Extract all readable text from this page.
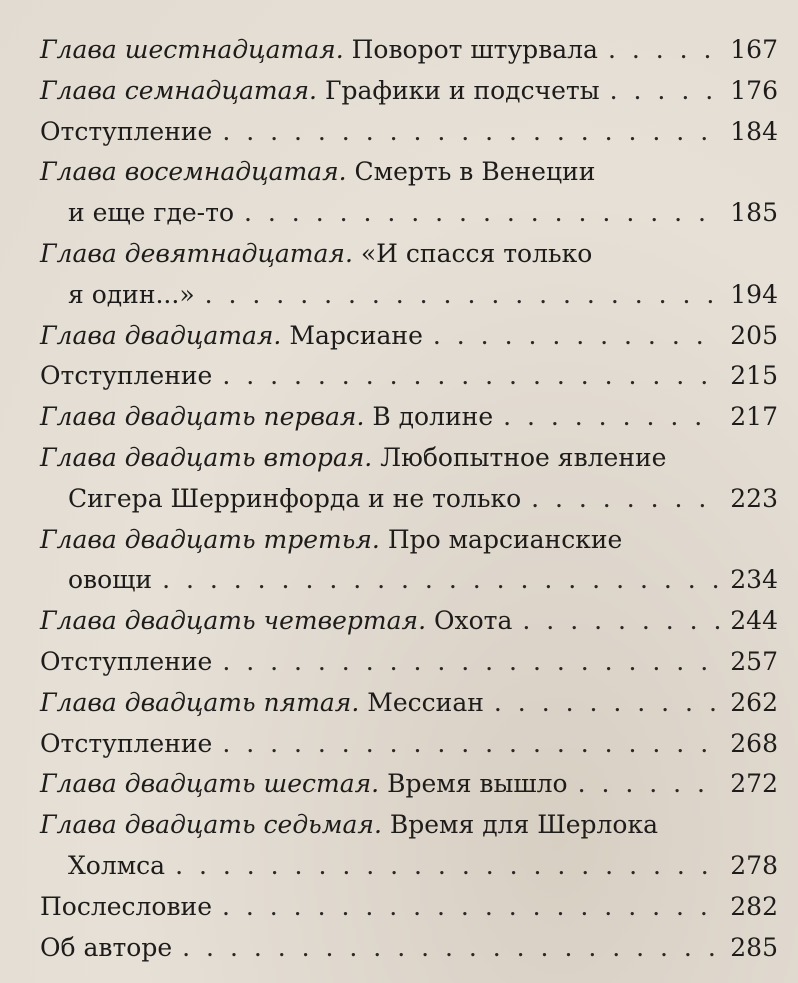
Глава шестнадцатая. Поворот штурвала . . .	167
Глава семнадцатая. Графики и подсчеты . . .	176
Отступление . . .	184
Глава восемнадцатая. Смерть в Венеции
и еще где-то . . .	185
Глава девятнадцатая. «И спасся только
я один...» . . .	194
Глава двадцатая. Марсиане . . .	205
Отступление . . .	215
Глава двадцать первая. В долине . . .	217
Глава двадцать вторая. Любопытное явление
Сигера Шерринфорда и не только . . .	223
Глава двадцать третья. Про марсианские
овощи . . .	234
Глава двадцать четвертая. Охота . . .	244
Отступление . . .	257
Глава двадцать пятая. Мессиан . . .	262
Отступление . . .	268
Глава двадцать шестая. Время вышло . . .	272
Глава двадцать седьмая. Время для Шерлока
Холмса . . .	278
Послесловие . . .	282
Об авторе . . .	285
